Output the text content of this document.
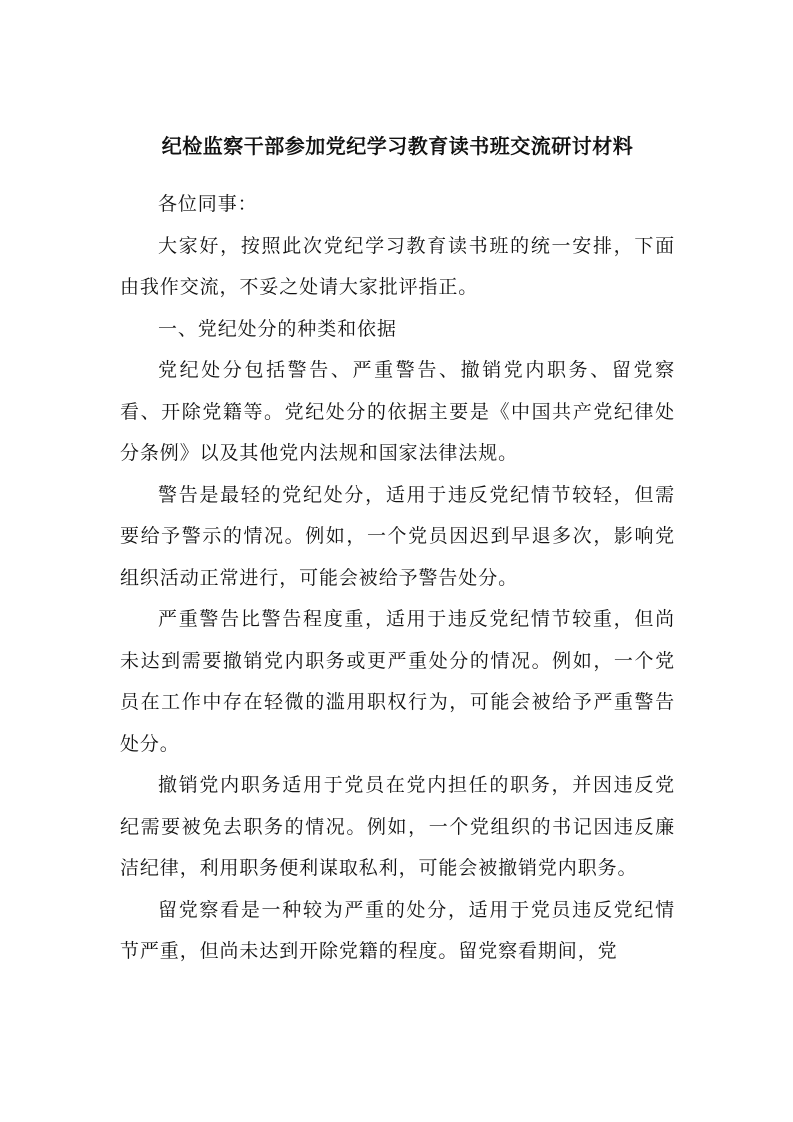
纪检监察干部参加党纪学习教育读书班交流研讨材料

各位同事：

大家好，按照此次党纪学习教育读书班的统一安排，下面由我作交流，不妥之处请大家批评指正。

一、党纪处分的种类和依据

党纪处分包括警告、严重警告、撤销党内职务、留党察看、开除党籍等。党纪处分的依据主要是《中国共产党纪律处分条例》以及其他党内法规和国家法律法规。

警告是最轻的党纪处分，适用于违反党纪情节较轻，但需要给予警示的情况。例如，一个党员因迟到早退多次，影响党组织活动正常进行，可能会被给予警告处分。

严重警告比警告程度重，适用于违反党纪情节较重，但尚未达到需要撤销党内职务或更严重处分的情况。例如，一个党员在工作中存在轻微的滥用职权行为，可能会被给予严重警告处分。

撤销党内职务适用于党员在党内担任的职务，并因违反党纪需要被免去职务的情况。例如，一个党组织的书记因违反廉洁纪律，利用职务便利谋取私利，可能会被撤销党内职务。

留党察看是一种较为严重的处分，适用于党员违反党纪情节严重，但尚未达到开除党籍的程度。留党察看期间，党
